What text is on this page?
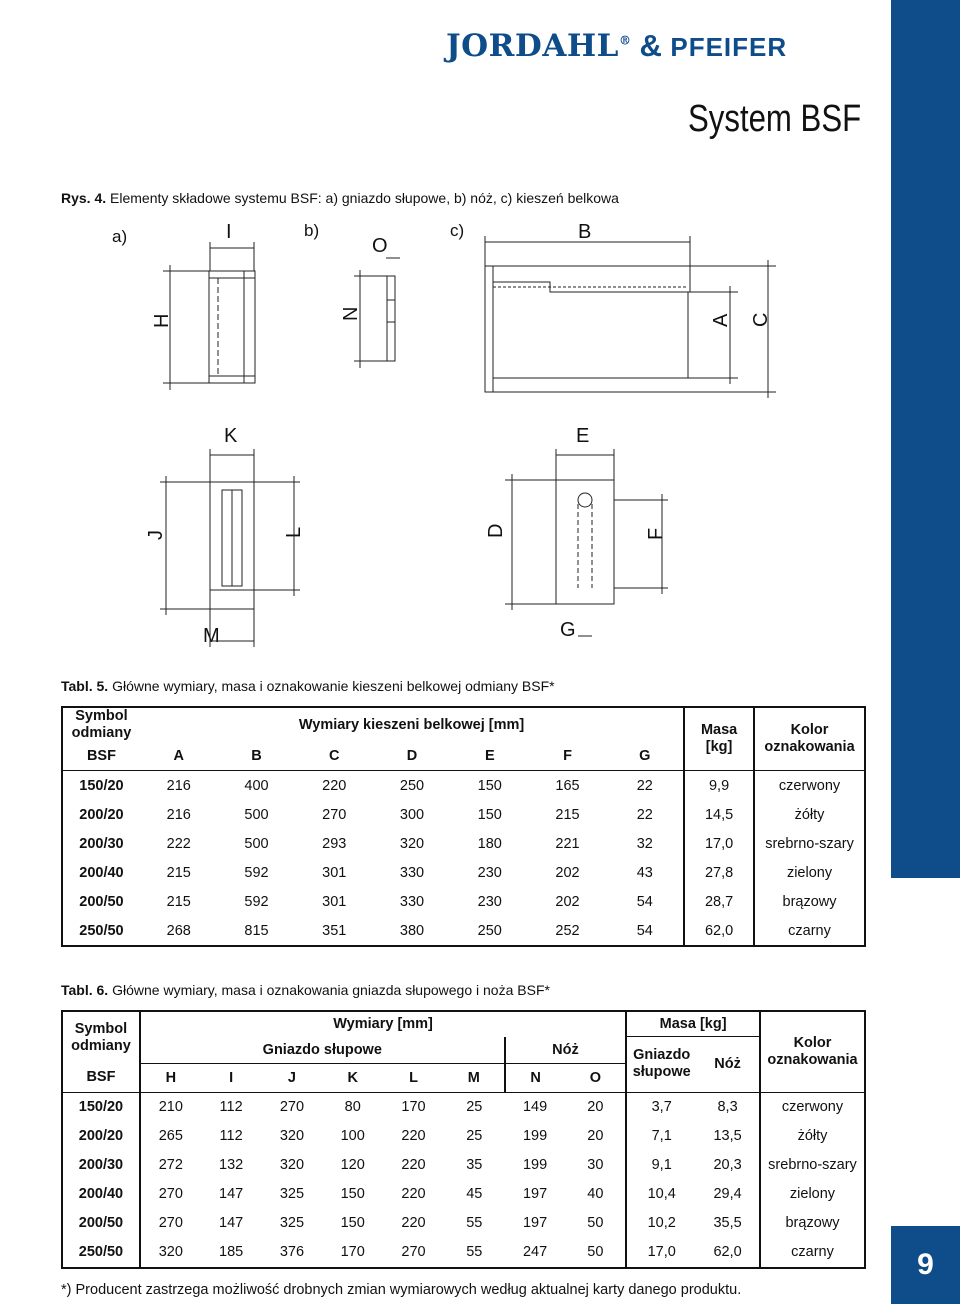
9
JORDAHL® & PFEIFER
System BSF
Rys. 4. Elementy składowe systemu BSF: a) gniazdo słupowe, b) nóż, c) kieszeń belkowa
a)	b)	c)
I
O
B
H	N	A C
K	E
J	L	D	F
M	G
Tabl. 5. Główne wymiary, masa i oznakowanie kieszeni belkowej odmiany BSF*
Symbol odmiany	Wymiary kieszeni belkowej [mm]							Masa [kg]	Kolor oznakowania
BSF	A	B	C	D	E	F	G		
150/20	216	400	220	250	150	165	22	9,9	czerwony
200/20	216	500	270	300	150	215	22	14,5	żółty
200/30	222	500	293	320	180	221	32	17,0	srebrno-szary
200/40	215	592	301	330	230	202	43	27,8	zielony
200/50	215	592	301	330	230	202	54	28,7	brązowy
250/50	268	815	351	380	250	252	54	62,0	czarny
Tabl. 6. Główne wymiary, masa i oznakowania gniazda słupowego i noża BSF*
Symbol odmiany	Wymiary [mm]								Masa [kg]		Kolor oznakowania
	Gniazdo słupowe						Nóż		Gniazdo słupowe	Nóż	
BSF	H	I	J	K	L	M	N	O			
150/20	210	112	270	80	170	25	149	20	3,7	8,3	czerwony
200/20	265	112	320	100	220	25	199	20	7,1	13,5	żółty
200/30	272	132	320	120	220	35	199	30	9,1	20,3	srebrno-szary
200/40	270	147	325	150	220	45	197	40	10,4	29,4	zielony
200/50	270	147	325	150	220	55	197	50	10,2	35,5	brązowy
250/50	320	185	376	170	270	55	247	50	17,0	62,0	czarny
*) Producent zastrzega możliwość drobnych zmian wymiarowych według aktualnej karty danego produktu.
